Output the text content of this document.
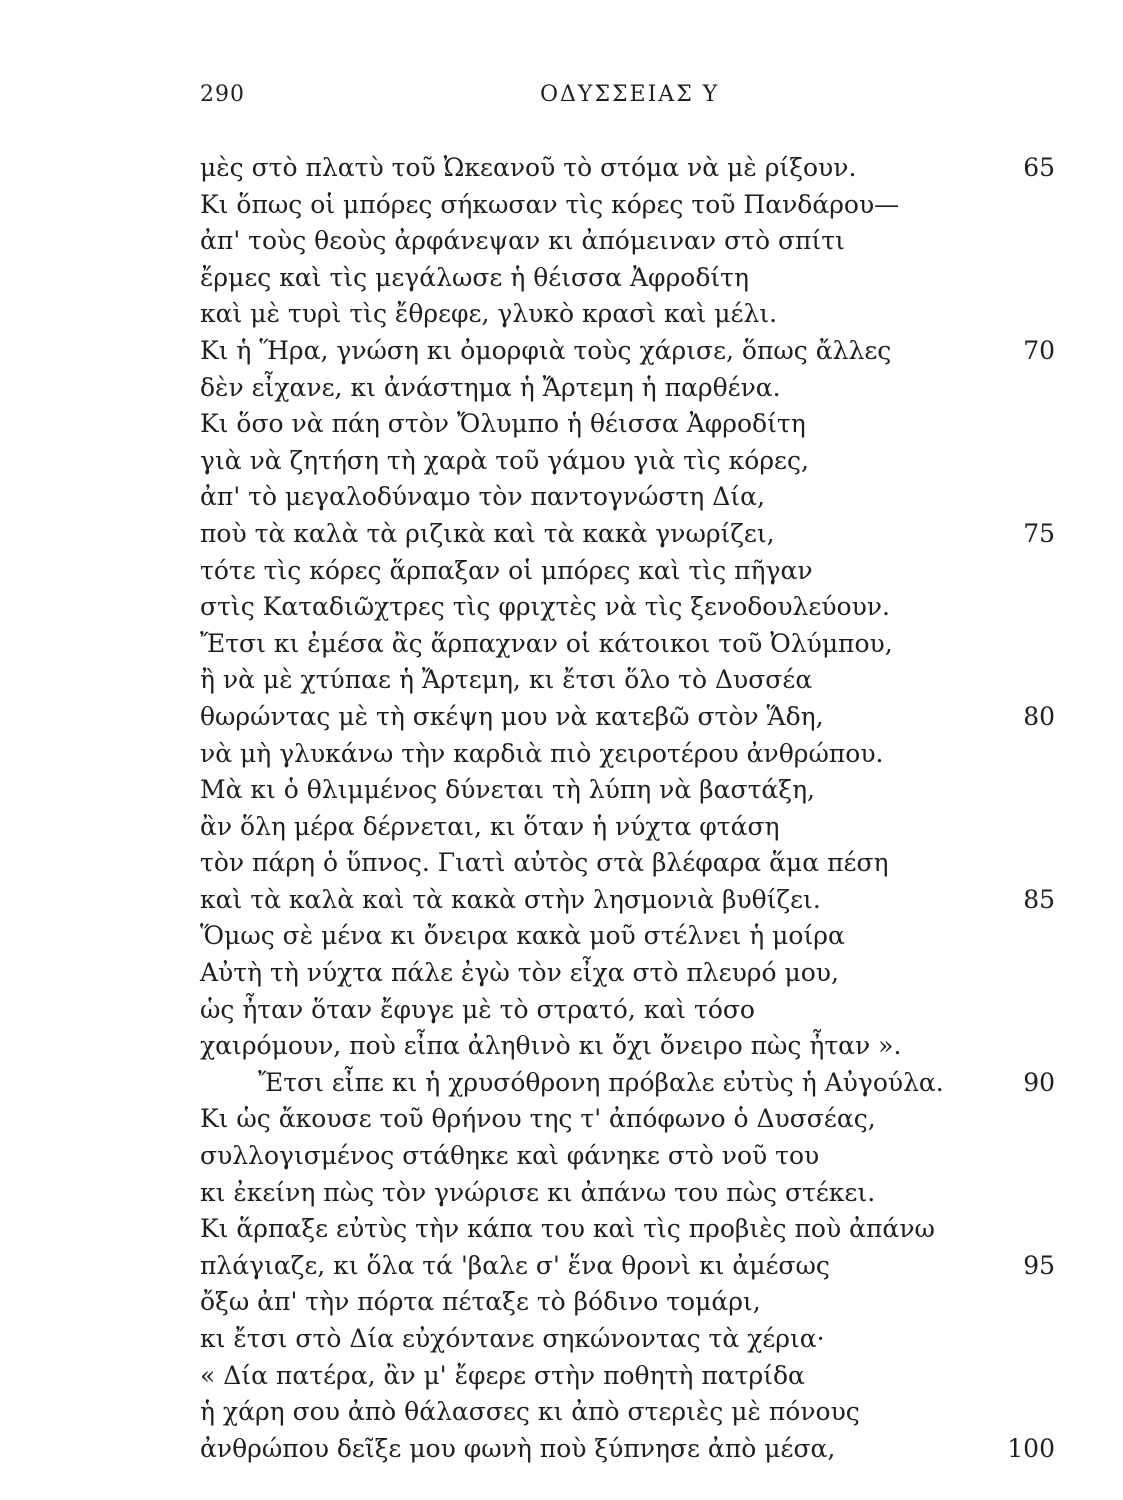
290	ΟΔΥΣΣΕΙΑΣ Υ
μὲς στὸ πλατὺ τοῦ Ὠκεανοῦ τὸ στόμα νὰ μὲ ρίξουν.	65
Κι ὅπως οἱ μπόρες σήκωσαν τὶς κόρες τοῦ Πανδάρου—
ἀπ' τοὺς θεοὺς ἀρφάνεψαν κι ἀπόμειναν στὸ σπίτι
ἔρμες καὶ τὶς μεγάλωσε ἡ θέισσα Ἀφροδίτη
καὶ μὲ τυρὶ τὶς ἔθρεφε, γλυκὸ κρασὶ καὶ μέλι.
Κι ἡ Ἥρα, γνώση κι ὀμορφιὰ τοὺς χάρισε, ὅπως ἄλλες	70
δὲν εἶχανε, κι ἀνάστημα ἡ Ἄρτεμη ἡ παρθένα.
Κι ὅσο νὰ πάη στὸν Ὄλυμπο ἡ θέισσα Ἀφροδίτη
γιὰ νὰ ζητήση τὴ χαρὰ τοῦ γάμου γιὰ τὶς κόρες,
ἀπ' τὸ μεγαλοδύναμο τὸν παντογνώστη Δία,
ποὺ τὰ καλὰ τὰ ριζικὰ καὶ τὰ κακὰ γνωρίζει,	75
τότε τὶς κόρες ἅρπαξαν οἱ μπόρες καὶ τὶς πῆγαν
στὶς Καταδιῶχτρες τὶς φριχτὲς νὰ τὶς ξενοδουλεύουν.
Ἔτσι κι ἐμέσα ἂς ἅρπαχναν οἱ κάτοικοι τοῦ Ὀλύμπου,
ἢ νὰ μὲ χτύπαε ἡ Ἄρτεμη, κι ἔτσι ὅλο τὸ Δυσσέα
θωρώντας μὲ τὴ σκέψη μου νὰ κατεβῶ στὸν Ἅδη,	80
νὰ μὴ γλυκάνω τὴν καρδιὰ πιὸ χειροτέρου ἀνθρώπου.
Μὰ κι ὁ θλιμμένος δύνεται τὴ λύπη νὰ βαστάξη,
ἂν ὅλη μέρα δέρνεται, κι ὅταν ἡ νύχτα φτάση
τὸν πάρη ὁ ὕπνος. Γιατὶ αὐτὸς στὰ βλέφαρα ἅμα πέση
καὶ τὰ καλὰ καὶ τὰ κακὰ στὴν λησμονιὰ βυθίζει.	85
Ὅμως σὲ μένα κι ὄνειρα κακὰ μοῦ στέλνει ἡ μοίρα
Αὐτὴ τὴ νύχτα πάλε ἐγὼ τὸν εἶχα στὸ πλευρό μου,
ὡς ἦταν ὅταν ἔφυγε μὲ τὸ στρατό, καὶ τόσο
χαιρόμουν, ποὺ εἶπα ἀληθινὸ κι ὄχι ὄνειρο πὼς ἦταν ».
Ἔτσι εἶπε κι ἡ χρυσόθρονη πρόβαλε εὐτὺς ἡ Αὐγούλα.	90
Κι ὡς ἄκουσε τοῦ θρήνου της τ' ἀπόφωνο ὁ Δυσσέας,
συλλογισμένος στάθηκε καὶ φάνηκε στὸ νοῦ του
κι ἐκείνη πὼς τὸν γνώρισε κι ἀπάνω του πὼς στέκει.
Κι ἅρπαξε εὐτὺς τὴν κάπα του καὶ τὶς προβιὲς ποὺ ἀπάνω
πλάγιαζε, κι ὅλα τά 'βαλε σ' ἕνα θρονὶ κι ἀμέσως	95
ὄξω ἀπ' τὴν πόρτα πέταξε τὸ βόδινο τομάρι,
κι ἔτσι στὸ Δία εὐχόντανε σηκώνοντας τὰ χέρια·
« Δία πατέρα, ἂν μ' ἔφερε στὴν ποθητὴ πατρίδα
ἡ χάρη σου ἀπὸ θάλασσες κι ἀπὸ στεριὲς μὲ πόνους
ἀνθρώπου δεῖξε μου φωνὴ ποὺ ξύπνησε ἀπὸ μέσα,	100
